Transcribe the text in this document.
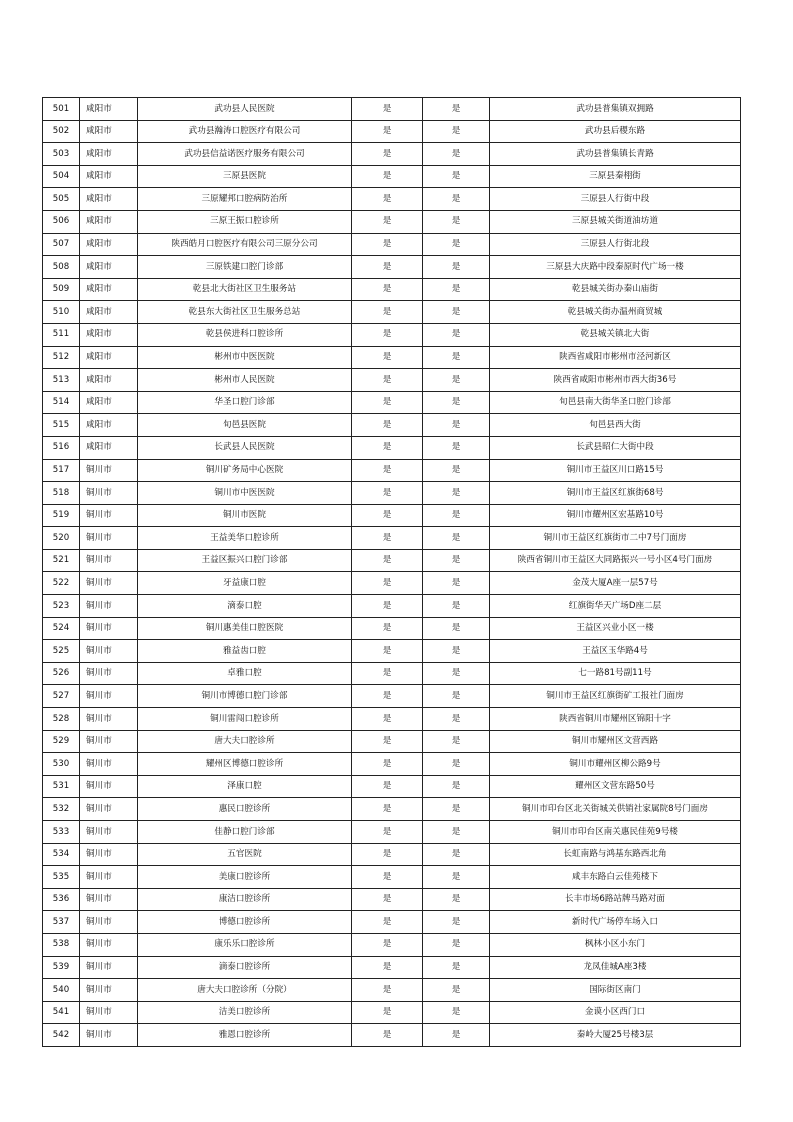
501	咸阳市	武功县人民医院	是	是	武功县普集镇双拥路
502	咸阳市	武功县瀚涛口腔医疗有限公司	是	是	武功县后稷东路
503	咸阳市	武功县信益诺医疗服务有限公司	是	是	武功县普集镇长青路
504	咸阳市	三原县医院	是	是	三原县秦栩街
505	咸阳市	三原耀邦口腔病防治所	是	是	三原县人行街中段
506	咸阳市	三原王振口腔诊所	是	是	三原县城关街道油坊道
507	咸阳市	陕西皓月口腔医疗有限公司三原分公司	是	是	三原县人行街北段
508	咸阳市	三原铁建口腔门诊部	是	是	三原县大庆路中段秦原时代广场一楼
509	咸阳市	乾县北大街社区卫生服务站	是	是	乾县城关街办秦山庙街
510	咸阳市	乾县东大街社区卫生服务总站	是	是	乾县城关街办温州商贸城
511	咸阳市	乾县侯进科口腔诊所	是	是	乾县城关镇北大街
512	咸阳市	彬州市中医医院	是	是	陕西省咸阳市彬州市泾河新区
513	咸阳市	彬州市人民医院	是	是	陕西省咸阳市彬州市西大街36号
514	咸阳市	华圣口腔门诊部	是	是	旬邑县南大街华圣口腔门诊部
515	咸阳市	旬邑县医院	是	是	旬邑县西大街
516	咸阳市	长武县人民医院	是	是	长武县昭仁大街中段
517	铜川市	铜川矿务局中心医院	是	是	铜川市王益区川口路15号
518	铜川市	铜川市中医医院	是	是	铜川市王益区红旗街68号
519	铜川市	铜川市医院	是	是	铜川市耀州区宏基路10号
520	铜川市	王益美华口腔诊所	是	是	铜川市王益区红旗街市二中7号门面房
521	铜川市	王益区振兴口腔门诊部	是	是	陕西省铜川市王益区大同路振兴一号小区4号门面房
522	铜川市	牙益康口腔	是	是	金茂大厦A座一层57号
523	铜川市	滴泰口腔	是	是	红旗街华天广场D座二层
524	铜川市	铜川惠美佳口腔医院	是	是	王益区兴业小区一楼
525	铜川市	雅益齿口腔	是	是	王益区玉华路4号
526	铜川市	卓雅口腔	是	是	七一路81号副11号
527	铜川市	铜川市博德口腔门诊部	是	是	铜川市王益区红旗街矿工报社门面房
528	铜川市	铜川雷闯口腔诊所	是	是	陕西省铜川市耀州区锦阳十字
529	铜川市	唐大夫口腔诊所	是	是	铜川市耀州区文营西路
530	铜川市	耀州区博德口腔诊所	是	是	铜川市耀州区柳公路9号
531	铜川市	泽康口腔	是	是	耀州区文营东路50号
532	铜川市	惠民口腔诊所	是	是	铜川市印台区北关街城关供销社家属院8号门面房
533	铜川市	佳静口腔门诊部	是	是	铜川市印台区南关惠民佳苑9号楼
534	铜川市	五官医院	是	是	长虹南路与鸿基东路西北角
535	铜川市	美康口腔诊所	是	是	咸丰东路白云佳苑楼下
536	铜川市	康洁口腔诊所	是	是	长丰市场6路站牌马路对面
537	铜川市	博德口腔诊所	是	是	新时代广场停车场入口
538	铜川市	康乐乐口腔诊所	是	是	枫林小区小东门
539	铜川市	滴泰口腔诊所	是	是	龙凤佳城A座3楼
540	铜川市	唐大夫口腔诊所（分院）	是	是	国际街区南门
541	铜川市	洁美口腔诊所	是	是	金谟小区西门口
542	铜川市	雅恩口腔诊所	是	是	秦岭大厦25号楼3层
